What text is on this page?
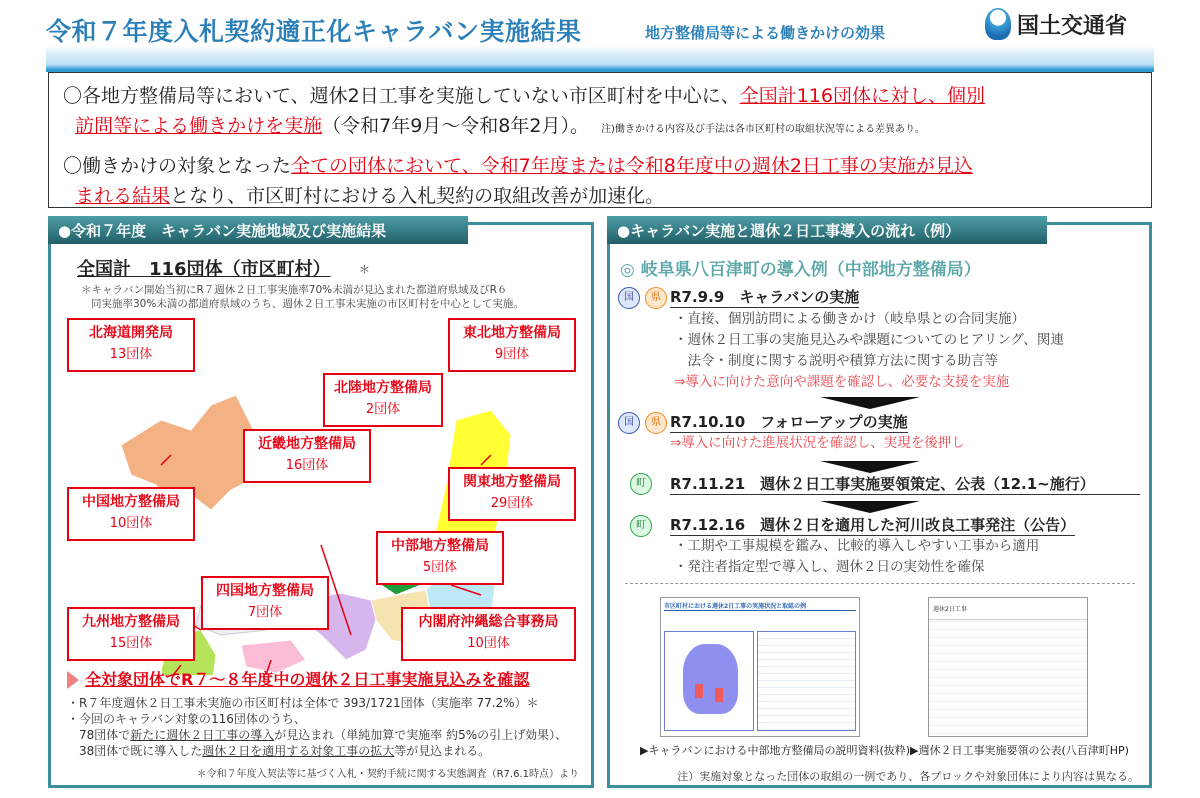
令和７年度入札契約適正化キャラバン実施結果	地方整備局等による働きかけの効果	国土交通省
〇各地方整備局等において、週休2日工事を実施していない市区町村を中心に、全国計116団体に対し、個別
訪問等による働きかけを実施（令和7年9月～令和8年2月）。 注)働きかける内容及び手法は各市区町村の取組状況等による差異あり。
〇働きかけの対象となった全ての団体において、令和7年度または令和8年度中の週休2日工事の実施が見込
まれる結果となり、市区町村における入札契約の取組改善が加速化。
●令和７年度　キャラバン実施地域及び実施結果
全国計　116団体（市区町村）	＊
＊キャラバン開始当初にR７週休２日工事実施率70%未満が見込まれた都道府県域及びR６
同実施率30%未満の都道府県域のうち、週休２日工事未実施の市区町村を中心として実施。
北海道開発局
13団体
東北地方整備局
9団体
北陸地方整備局
2団体
近畿地方整備局
16団体
中国地方整備局
10団体
関東地方整備局
29団体
中部地方整備局
5団体
四国地方整備局
7団体
九州地方整備局
15団体
内閣府沖縄総合事務局
10団体
全対象団体でR７～８年度中の週休２日工事実施見込みを確認
・R７年度週休２日工事未実施の市区町村は全体で 393/1721団体（実施率 77.2%）＊
・今回のキャラバン対象の116団体のうち、
78団体で新たに週休２日工事の導入が見込まれ（単純加算で実施率 約5%の引上げ効果）、
38団体で既に導入した週休２日を適用する対象工事の拡大等が見込まれる。
＊令和７年度入契法等に基づく入札・契約手続に関する実態調査（R7.6.1時点）より
●キャラバン実施と週休２日工事導入の流れ（例）
◎ 岐阜県八百津町の導入例（中部地方整備局）
国 県 R7.9.9　キャラバンの実施
・直接、個別訪問による働きかけ（岐阜県との合同実施）
・週休２日工事の実施見込みや課題についてのヒアリング、関連
　法令・制度に関する説明や積算方法に関する助言等
⇒導入に向けた意向や課題を確認し、必要な支援を実施
国 県 R7.10.10　フォローアップの実施
⇒導入に向けた進展状況を確認し、実現を後押し
町	R7.11.21　週休２日工事実施要領策定、公表（12.1~施行）
町	R7.12.16　週休２日を適用した河川改良工事発注（公告）
・工期や工事規模を鑑み、比較的導入しやすい工事から適用
・発注者指定型で導入し、週休２日の実効性を確保
市区町村における週休2日工事の実施状況と取組の例	週休2日工事
▶キャラバンにおける中部地方整備局の説明資料(抜粋) ▶週休２日工事実施要領の公表(八百津町HP)
注）実施対象となった団体の取組の一例であり、各ブロックや対象団体により内容は異なる。
